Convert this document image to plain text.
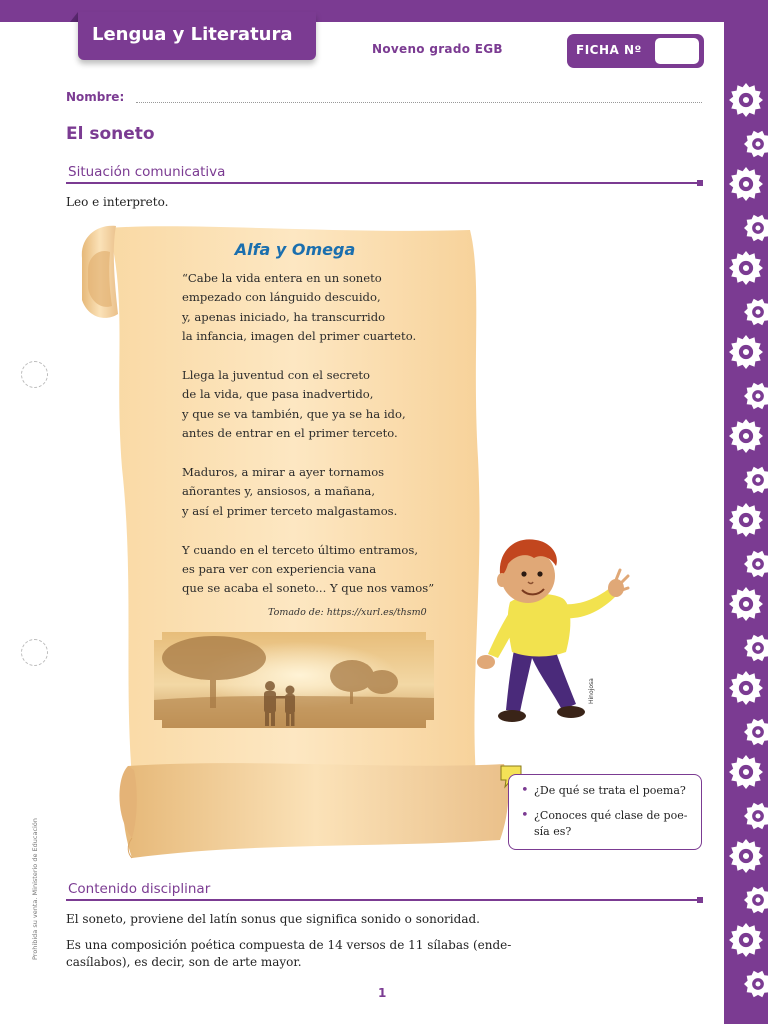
Lengua y Literatura
Noveno grado EGB	FICHA Nº
Nombre:
El soneto
Situación comunicativa
Leo e interpreto.
Alfa y Omega
“Cabe la vida entera en un soneto
empezado con lánguido descuido,
y, apenas iniciado, ha transcurrido
la infancia, imagen del primer cuarteto.
Llega la juventud con el secreto
de la vida, que pasa inadvertido,
y que se va también, que ya se ha ido,
antes de entrar en el primer terceto.
Maduros, a mirar a ayer tornamos
añorantes y, ansiosos, a mañana,
y así el primer terceto malgastamos.
Y cuando en el terceto último entramos,
es para ver con experiencia vana
que se acaba el soneto... Y que nos vamos”
Tomado de: https://xurl.es/thsm0
Hinojosa
• ¿De qué se trata el poema?
• ¿Conoces qué clase de poe-
sía es?
Contenido disciplinar
El soneto, proviene del latín sonus que significa sonido o sonoridad.
Es una composición poética compuesta de 14 versos de 11 sílabas (ende-
casílabos), es decir, son de arte mayor.
Prohibida su venta. Ministerio de Educación
1
